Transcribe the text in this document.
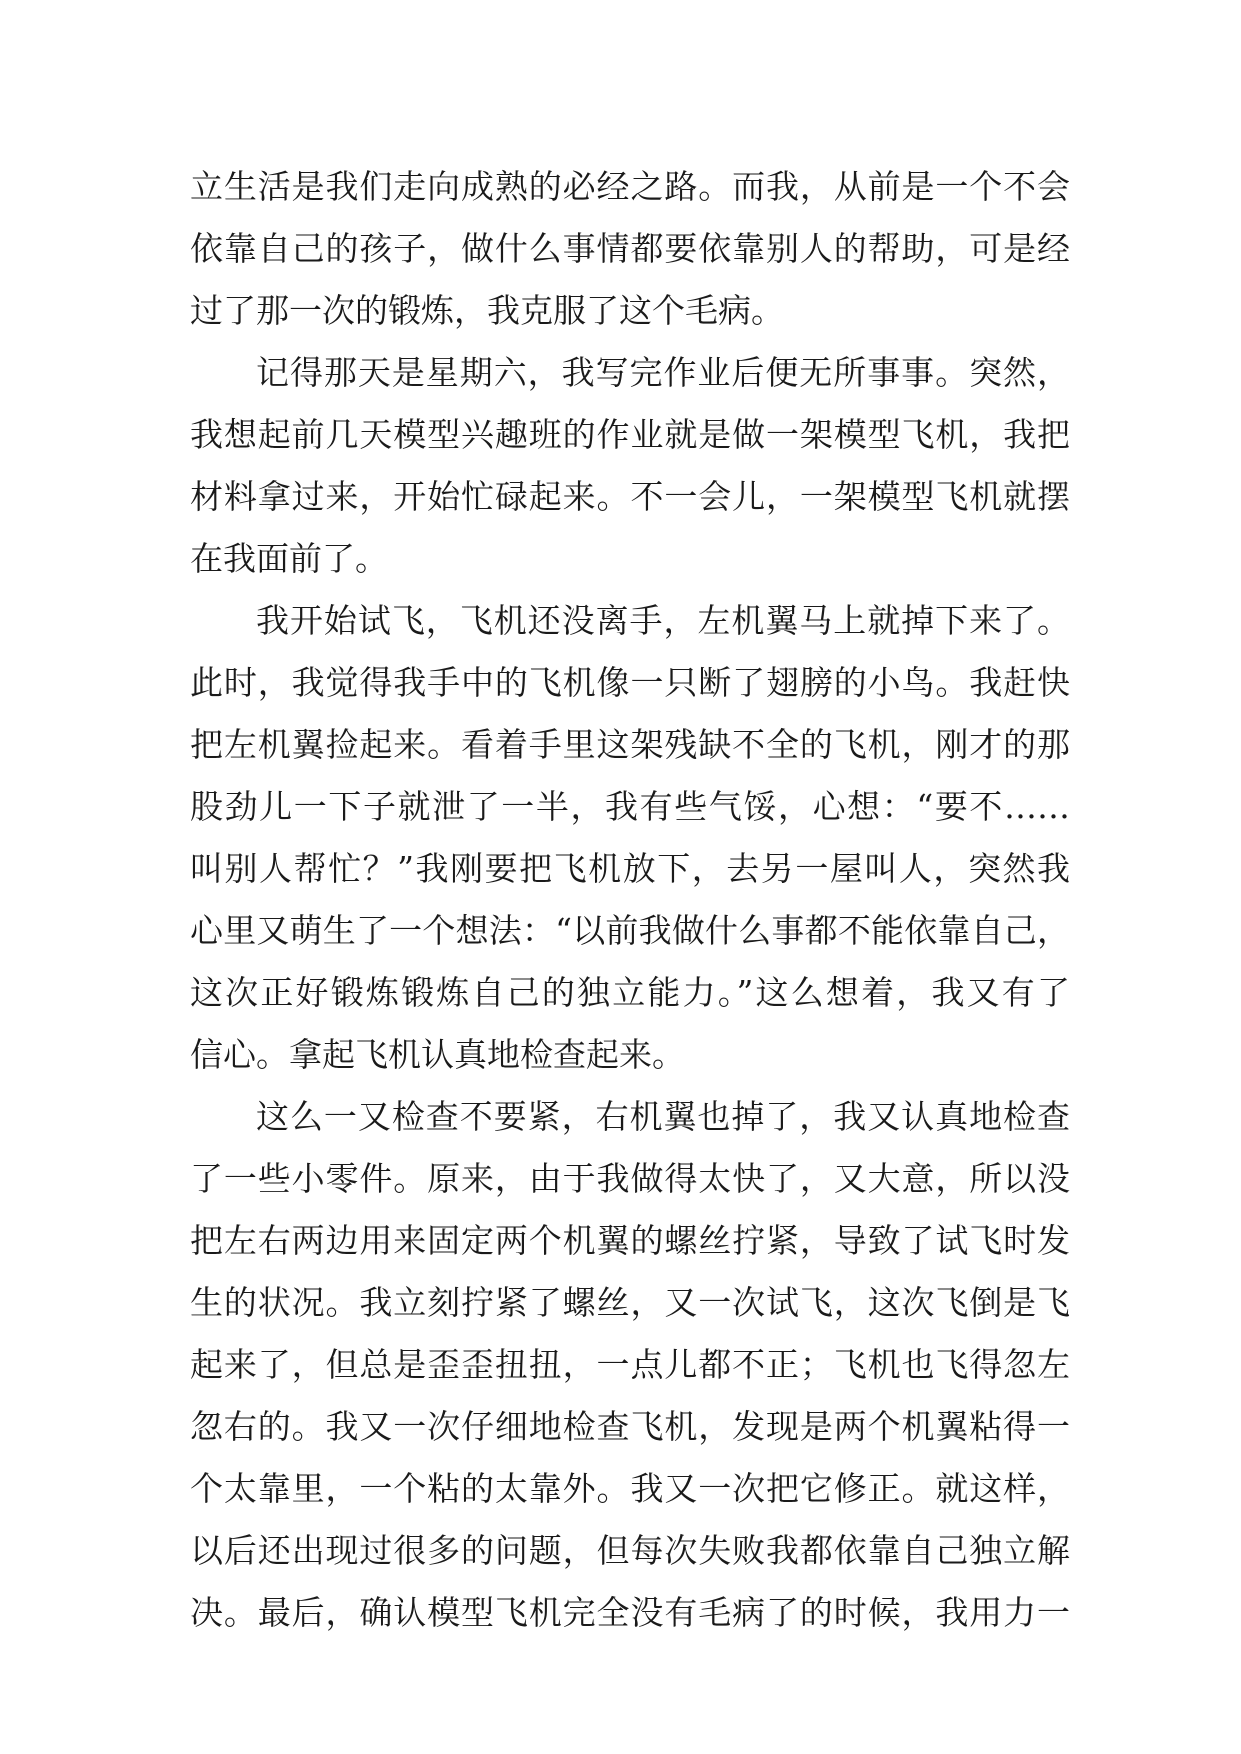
立生活是我们走向成熟的必经之路。而我，从前是一个不会
依靠自己的孩子，做什么事情都要依靠别人的帮助，可是经
过了那一次的锻炼，我克服了这个毛病。
记得那天是星期六，我写完作业后便无所事事。突然，
我想起前几天模型兴趣班的作业就是做一架模型飞机，我把
材料拿过来，开始忙碌起来。不一会儿，一架模型飞机就摆
在我面前了。
我开始试飞，飞机还没离手，左机翼马上就掉下来了。
此时，我觉得我手中的飞机像一只断了翅膀的小鸟。我赶快
把左机翼捡起来。看着手里这架残缺不全的飞机，刚才的那
股劲儿一下子就泄了一半，我有些气馁，心想：“要不……
叫别人帮忙？”我刚要把飞机放下，去另一屋叫人，突然我
心里又萌生了一个想法：“以前我做什么事都不能依靠自己，
这次正好锻炼锻炼自己的独立能力。”这么想着，我又有了
信心。拿起飞机认真地检查起来。
这么一又检查不要紧，右机翼也掉了，我又认真地检查
了一些小零件。原来，由于我做得太快了，又大意，所以没
把左右两边用来固定两个机翼的螺丝拧紧，导致了试飞时发
生的状况。我立刻拧紧了螺丝，又一次试飞，这次飞倒是飞
起来了，但总是歪歪扭扭，一点儿都不正；飞机也飞得忽左
忽右的。我又一次仔细地检查飞机，发现是两个机翼粘得一
个太靠里，一个粘的太靠外。我又一次把它修正。就这样，
以后还出现过很多的问题，但每次失败我都依靠自己独立解
决。最后，确认模型飞机完全没有毛病了的时候，我用力一
